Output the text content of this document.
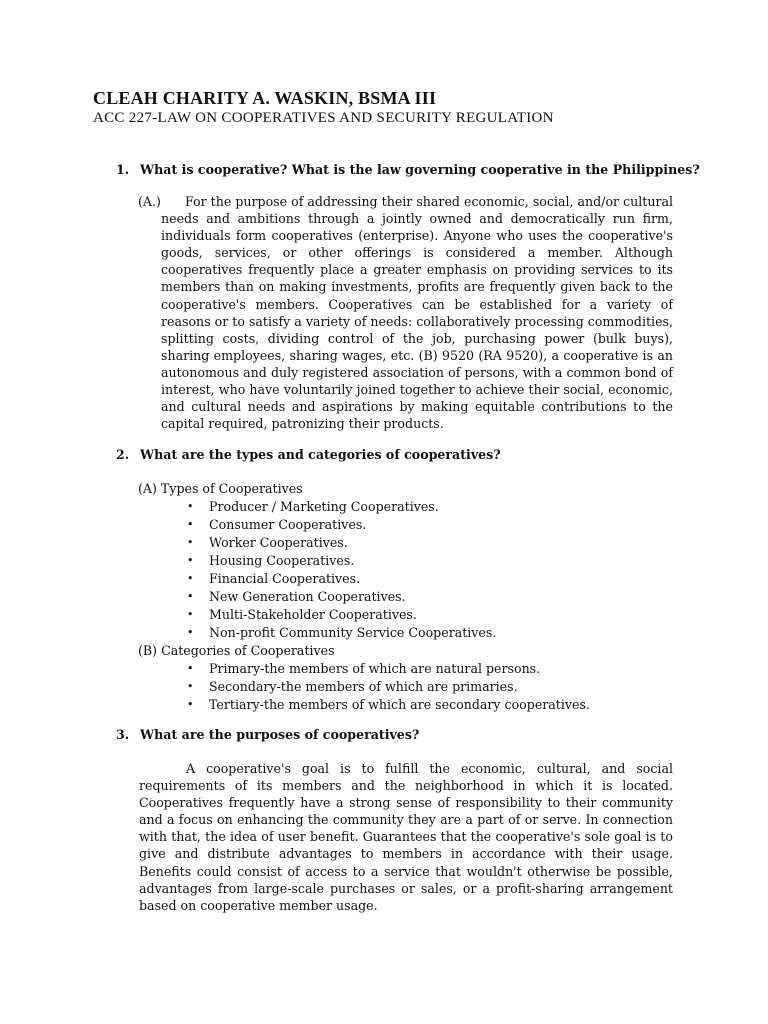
CLEAH CHARITY A. WASKIN, BSMA III
ACC 227-LAW ON COOPERATIVES AND SECURITY REGULATION
1. What is cooperative? What is the law governing cooperative in the Philippines?
(A.) For the purpose of addressing their shared economic, social, and/or cultural needs and ambitions through a jointly owned and democratically run firm, individuals form cooperatives (enterprise). Anyone who uses the cooperative's goods, services, or other offerings is considered a member. Although cooperatives frequently place a greater emphasis on providing services to its members than on making investments, profits are frequently given back to the cooperative's members. Cooperatives can be established for a variety of reasons or to satisfy a variety of needs: collaboratively processing commodities, splitting costs, dividing control of the job, purchasing power (bulk buys), sharing employees, sharing wages, etc. (B) 9520 (RA 9520), a cooperative is an autonomous and duly registered association of persons, with a common bond of interest, who have voluntarily joined together to achieve their social, economic, and cultural needs and aspirations by making equitable contributions to the capital required, patronizing their products.
2. What are the types and categories of cooperatives?
(A) Types of Cooperatives
• Producer / Marketing Cooperatives.
• Consumer Cooperatives.
• Worker Cooperatives.
• Housing Cooperatives.
• Financial Cooperatives.
• New Generation Cooperatives.
• Multi-Stakeholder Cooperatives.
• Non-profit Community Service Cooperatives.
(B) Categories of Cooperatives
• Primary-the members of which are natural persons.
• Secondary-the members of which are primaries.
• Tertiary-the members of which are secondary cooperatives.
3. What are the purposes of cooperatives?
A cooperative's goal is to fulfill the economic, cultural, and social requirements of its members and the neighborhood in which it is located. Cooperatives frequently have a strong sense of responsibility to their community and a focus on enhancing the community they are a part of or serve. In connection with that, the idea of user benefit. Guarantees that the cooperative's sole goal is to give and distribute advantages to members in accordance with their usage. Benefits could consist of access to a service that wouldn't otherwise be possible, advantages from large-scale purchases or sales, or a profit-sharing arrangement based on cooperative member usage.
